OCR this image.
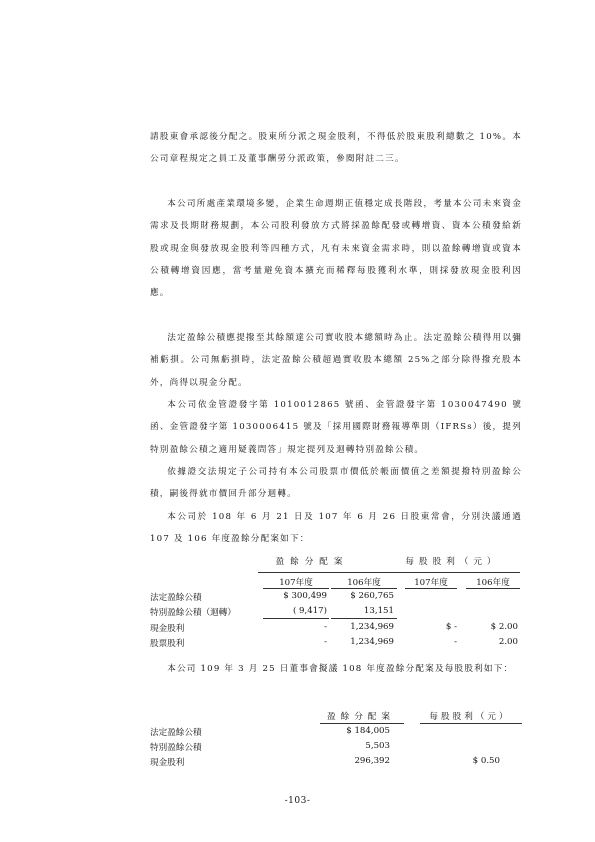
請股東會承認後分配之。股東所分派之現金股利，不得低於股東股利總數之 10%。本公司章程規定之員工及董事酬勞分派政策，參閱附註二三。

本公司所處產業環境多變，企業生命週期正值穩定成長階段，考量本公司未來資金需求及長期財務規劃，本公司股利發放方式將採盈餘配發或轉增資、資本公積發給新股或現金與發放現金股利等四種方式，凡有未來資金需求時，則以盈餘轉增資或資本公積轉增資因應，當考量避免資本擴充而稀釋每股獲利水準，則採發放現金股利因應。

法定盈餘公積應提撥至其餘額達公司實收股本總額時為止。法定盈餘公積得用以彌補虧損。公司無虧損時，法定盈餘公積超過實收股本總額 25%之部分除得撥充股本外，尚得以現金分配。

本公司依金管證發字第 1010012865 號函、金管證發字第 1030047490 號函、金管證發字第 1030006415 號及「採用國際財務報導準則（IFRSs）後，提列特別盈餘公積之適用疑義問答」規定提列及迴轉特別盈餘公積。

依據證交法規定子公司持有本公司股票市價低於帳面價值之差額提撥特別盈餘公積，嗣後得就市價回升部分迴轉。

本公司於 108 年 6 月 21 日及 107 年 6 月 26 日股東常會，分別決議通過 107 及 106 年度盈餘分配案如下：

盈餘分配案	每股股利（元）
107年度	106年度	107年度	106年度
法定盈餘公積	$ 300,499	$ 260,765
特別盈餘公積（迴轉）	( 9,417)	13,151
現金股利	-	1,234,969	$ -	$ 2.00
股票股利	-	1,234,969	-	2.00

本公司 109 年 3 月 25 日董事會擬議 108 年度盈餘分配案及每股股利如下：

盈餘分配案	每股股利（元）
法定盈餘公積	$ 184,005
特別盈餘公積	5,503
現金股利	296,392	$ 0.50
-103-
